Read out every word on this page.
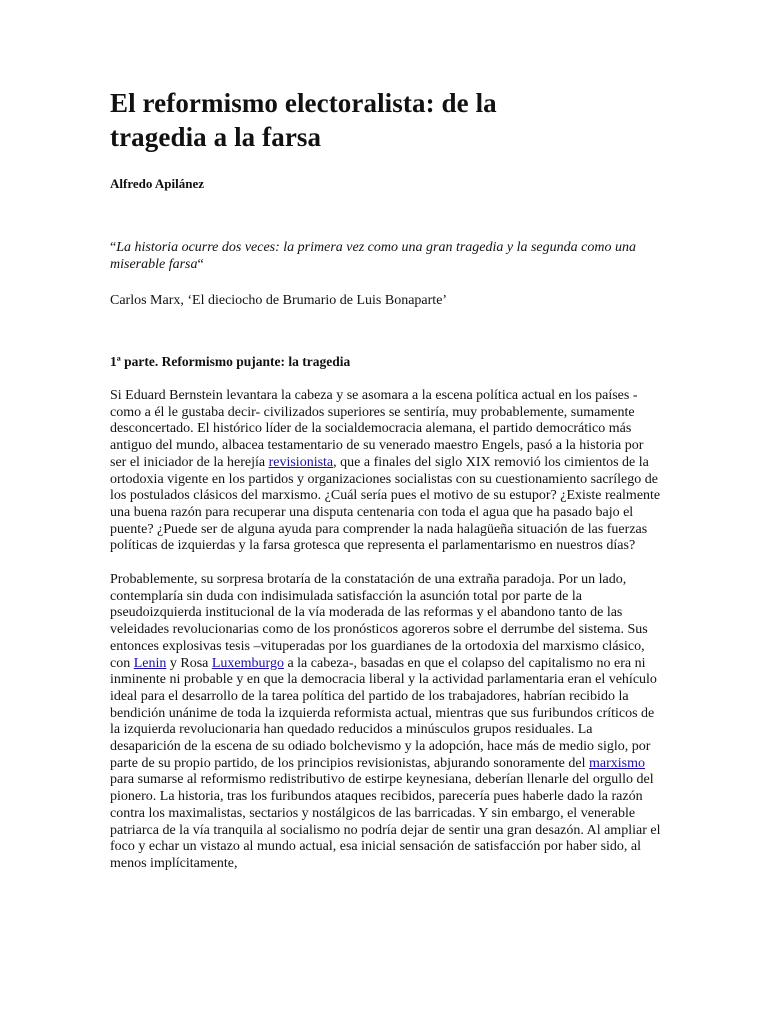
El reformismo electoralista: de la
tragedia a la farsa

Alfredo Apilánez

“La historia ocurre dos veces: la primera vez como una gran tragedia y la segunda como una miserable farsa“

Carlos Marx, ‘El dieciocho de Brumario de Luis Bonaparte’

1ª parte. Reformismo pujante: la tragedia

Si Eduard Bernstein levantara la cabeza y se asomara a la escena política actual en los países -como a él le gustaba decir- civilizados superiores se sentiría, muy probablemente, sumamente desconcertado. El histórico líder de la socialdemocracia alemana, el partido democrático más antiguo del mundo, albacea testamentario de su venerado maestro Engels, pasó a la historia por ser el iniciador de la herejía revisionista, que a finales del siglo XIX removió los cimientos de la ortodoxia vigente en los partidos y organizaciones socialistas con su cuestionamiento sacrílego de los postulados clásicos del marxismo. ¿Cuál sería pues el motivo de su estupor? ¿Existe realmente una buena razón para recuperar una disputa centenaria con toda el agua que ha pasado bajo el puente? ¿Puede ser de alguna ayuda para comprender la nada halagüeña situación de las fuerzas políticas de izquierdas y la farsa grotesca que representa el parlamentarismo en nuestros días?

Probablemente, su sorpresa brotaría de la constatación de una extraña paradoja. Por un lado, contemplaría sin duda con indisimulada satisfacción la asunción total por parte de la pseudoizquierda institucional de la vía moderada de las reformas y el abandono tanto de las veleidades revolucionarias como de los pronósticos agoreros sobre el derrumbe del sistema. Sus entonces explosivas tesis –vituperadas por los guardianes de la ortodoxia del marxismo clásico, con Lenin y Rosa Luxemburgo a la cabeza-, basadas en que el colapso del capitalismo no era ni inminente ni probable y en que la democracia liberal y la actividad parlamentaria eran el vehículo ideal para el desarrollo de la tarea política del partido de los trabajadores, habrían recibido la bendición unánime de toda la izquierda reformista actual, mientras que sus furibundos críticos de la izquierda revolucionaria han quedado reducidos a minúsculos grupos residuales. La desaparición de la escena de su odiado bolchevismo y la adopción, hace más de medio siglo, por parte de su propio partido, de los principios revisionistas, abjurando sonoramente del marxismo para sumarse al reformismo redistributivo de estirpe keynesiana, deberían llenarle del orgullo del pionero. La historia, tras los furibundos ataques recibidos, parecería pues haberle dado la razón contra los maximalistas, sectarios y nostálgicos de las barricadas. Y sin embargo, el venerable patriarca de la vía tranquila al socialismo no podría dejar de sentir una gran desazón. Al ampliar el foco y echar un vistazo al mundo actual, esa inicial sensación de satisfacción por haber sido, al menos implícitamente,
